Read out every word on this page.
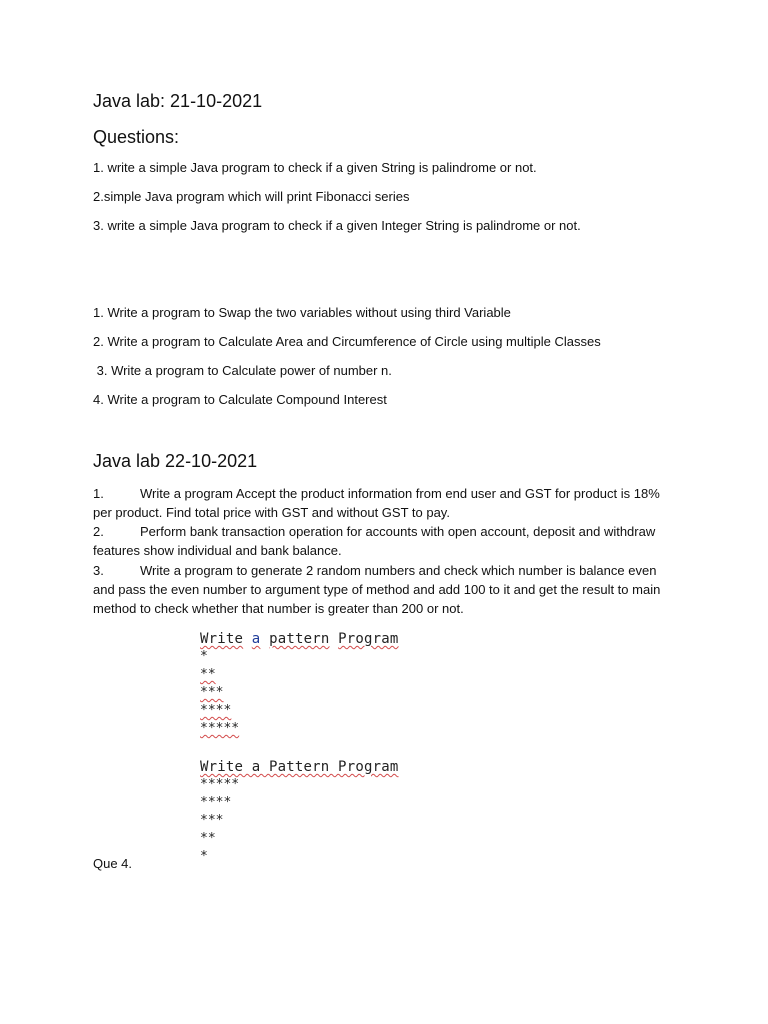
Java lab: 21-10-2021
Questions:
1. write a simple Java program to check if a given String is palindrome or not.
2.simple Java program which will print Fibonacci series
3. write a simple Java program to check if a given Integer String is palindrome or not.
1. Write a program to Swap the two variables without using third Variable
2. Write a program to Calculate Area and Circumference of Circle using multiple Classes
3. Write a program to Calculate power of number n.
4. Write a program to Calculate Compound Interest
Java lab 22-10-2021
1.	Write a program Accept the product information from end user and GST for product is 18% per product. Find total price with GST and without GST to pay.
2.	Perform bank transaction operation for accounts with open account, deposit and withdraw features show individual and bank balance.
3.	Write a program to generate 2 random numbers and check which number is balance even and pass the even number to argument type of method and add 100 to it and get the result to main method to check whether that number is greater than 200 or not.
Write a pattern Program
*
**
***
****
*****
Write a Pattern Program
*****
****
***
**
*
Que 4.
